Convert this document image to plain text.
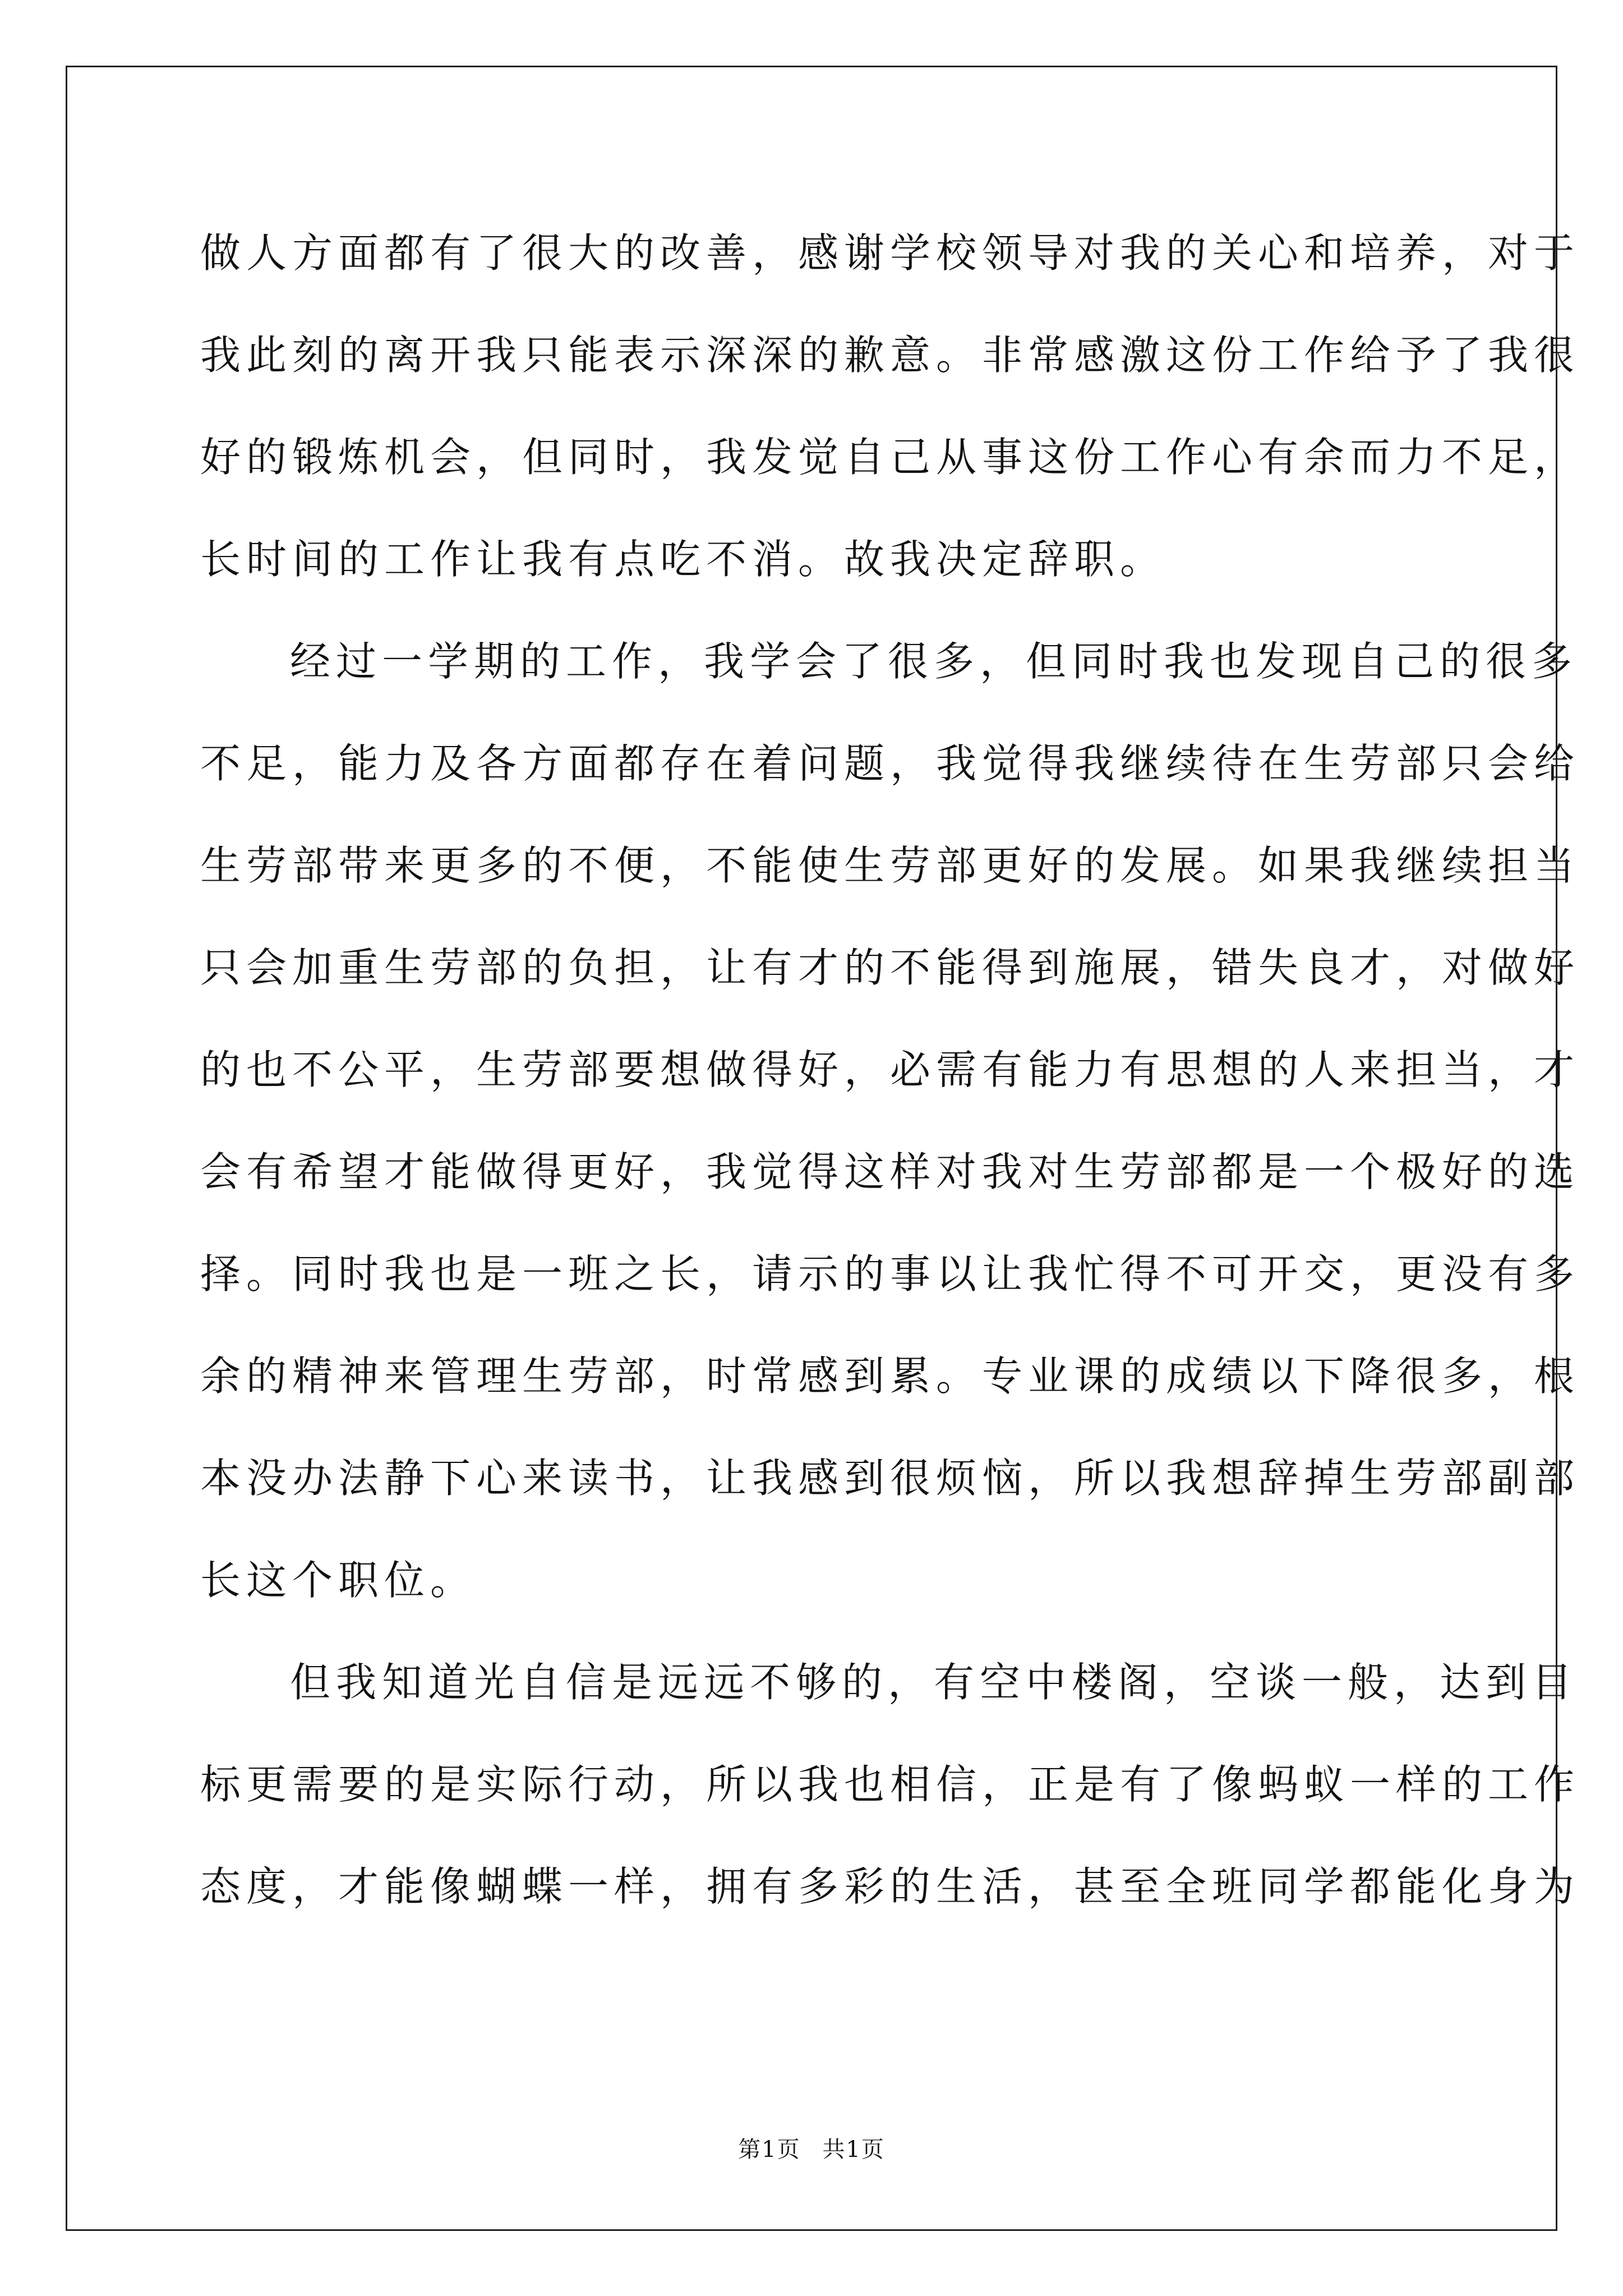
做人方面都有了很大的改善，感谢学校领导对我的关心和培养，对于
我此刻的离开我只能表示深深的歉意。非常感激这份工作给予了我很
好的锻炼机会，但同时，我发觉自己从事这份工作心有余而力不足，
长时间的工作让我有点吃不消。故我决定辞职。
经过一学期的工作，我学会了很多，但同时我也发现自己的很多
不足，能力及各方面都存在着问题，我觉得我继续待在生劳部只会给
生劳部带来更多的不便，不能使生劳部更好的发展。如果我继续担当
只会加重生劳部的负担，让有才的不能得到施展，错失良才，对做好
的也不公平，生劳部要想做得好，必需有能力有思想的人来担当，才
会有希望才能做得更好，我觉得这样对我对生劳部都是一个极好的选
择。同时我也是一班之长，请示的事以让我忙得不可开交，更没有多
余的精神来管理生劳部，时常感到累。专业课的成绩以下降很多，根
本没办法静下心来读书，让我感到很烦恼，所以我想辞掉生劳部副部
长这个职位。
但我知道光自信是远远不够的，有空中楼阁，空谈一般，达到目
标更需要的是实际行动，所以我也相信，正是有了像蚂蚁一样的工作
态度，才能像蝴蝶一样，拥有多彩的生活，甚至全班同学都能化身为
第1页 共1页
